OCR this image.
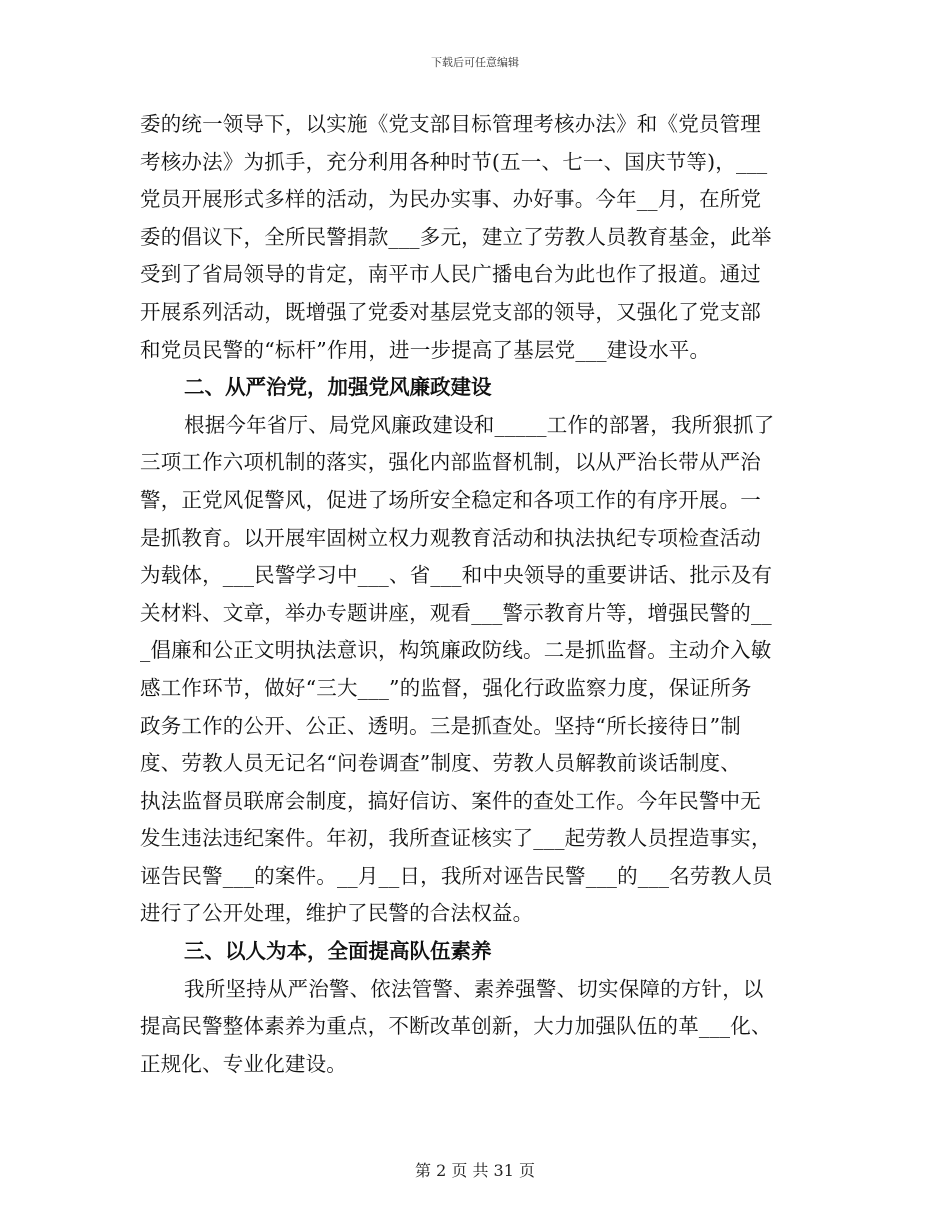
下载后可任意编辑
委的统一领导下，以实施《党支部目标管理考核办法》和《党员管理
考核办法》为抓手，充分利用各种时节(五一、七一、国庆节等)，___
党员开展形式多样的活动，为民办实事、办好事。今年__月，在所党
委的倡议下，全所民警捐款___多元，建立了劳教人员教育基金，此举
受到了省局领导的肯定，南平市人民广播电台为此也作了报道。通过
开展系列活动，既增强了党委对基层党支部的领导，又强化了党支部
和党员民警的“标杆”作用，进一步提高了基层党___建设水平。
二、从严治党，加强党风廉政建设
根据今年省厅、局党风廉政建设和_____工作的部署，我所狠抓了
三项工作六项机制的落实，强化内部监督机制，以从严治长带从严治
警，正党风促警风，促进了场所安全稳定和各项工作的有序开展。一
是抓教育。以开展牢固树立权力观教育活动和执法执纪专项检查活动
为载体，___民警学习中___、省___和中央领导的重要讲话、批示及有
关材料、文章，举办专题讲座，观看___警示教育片等，增强民警的__
_倡廉和公正文明执法意识，构筑廉政防线。二是抓监督。主动介入敏
感工作环节，做好“三大___”的监督，强化行政监察力度，保证所务
政务工作的公开、公正、透明。三是抓查处。坚持“所长接待日”制
度、劳教人员无记名“问卷调查”制度、劳教人员解教前谈话制度、
执法监督员联席会制度，搞好信访、案件的查处工作。今年民警中无
发生违法违纪案件。年初，我所查证核实了___起劳教人员捏造事实，
诬告民警___的案件。__月__日，我所对诬告民警___的___名劳教人员
进行了公开处理，维护了民警的合法权益。
三、以人为本，全面提高队伍素养
我所坚持从严治警、依法管警、素养强警、切实保障的方针，以
提高民警整体素养为重点，不断改革创新，大力加强队伍的革___化、
正规化、专业化建设。
第 2 页 共 31 页
